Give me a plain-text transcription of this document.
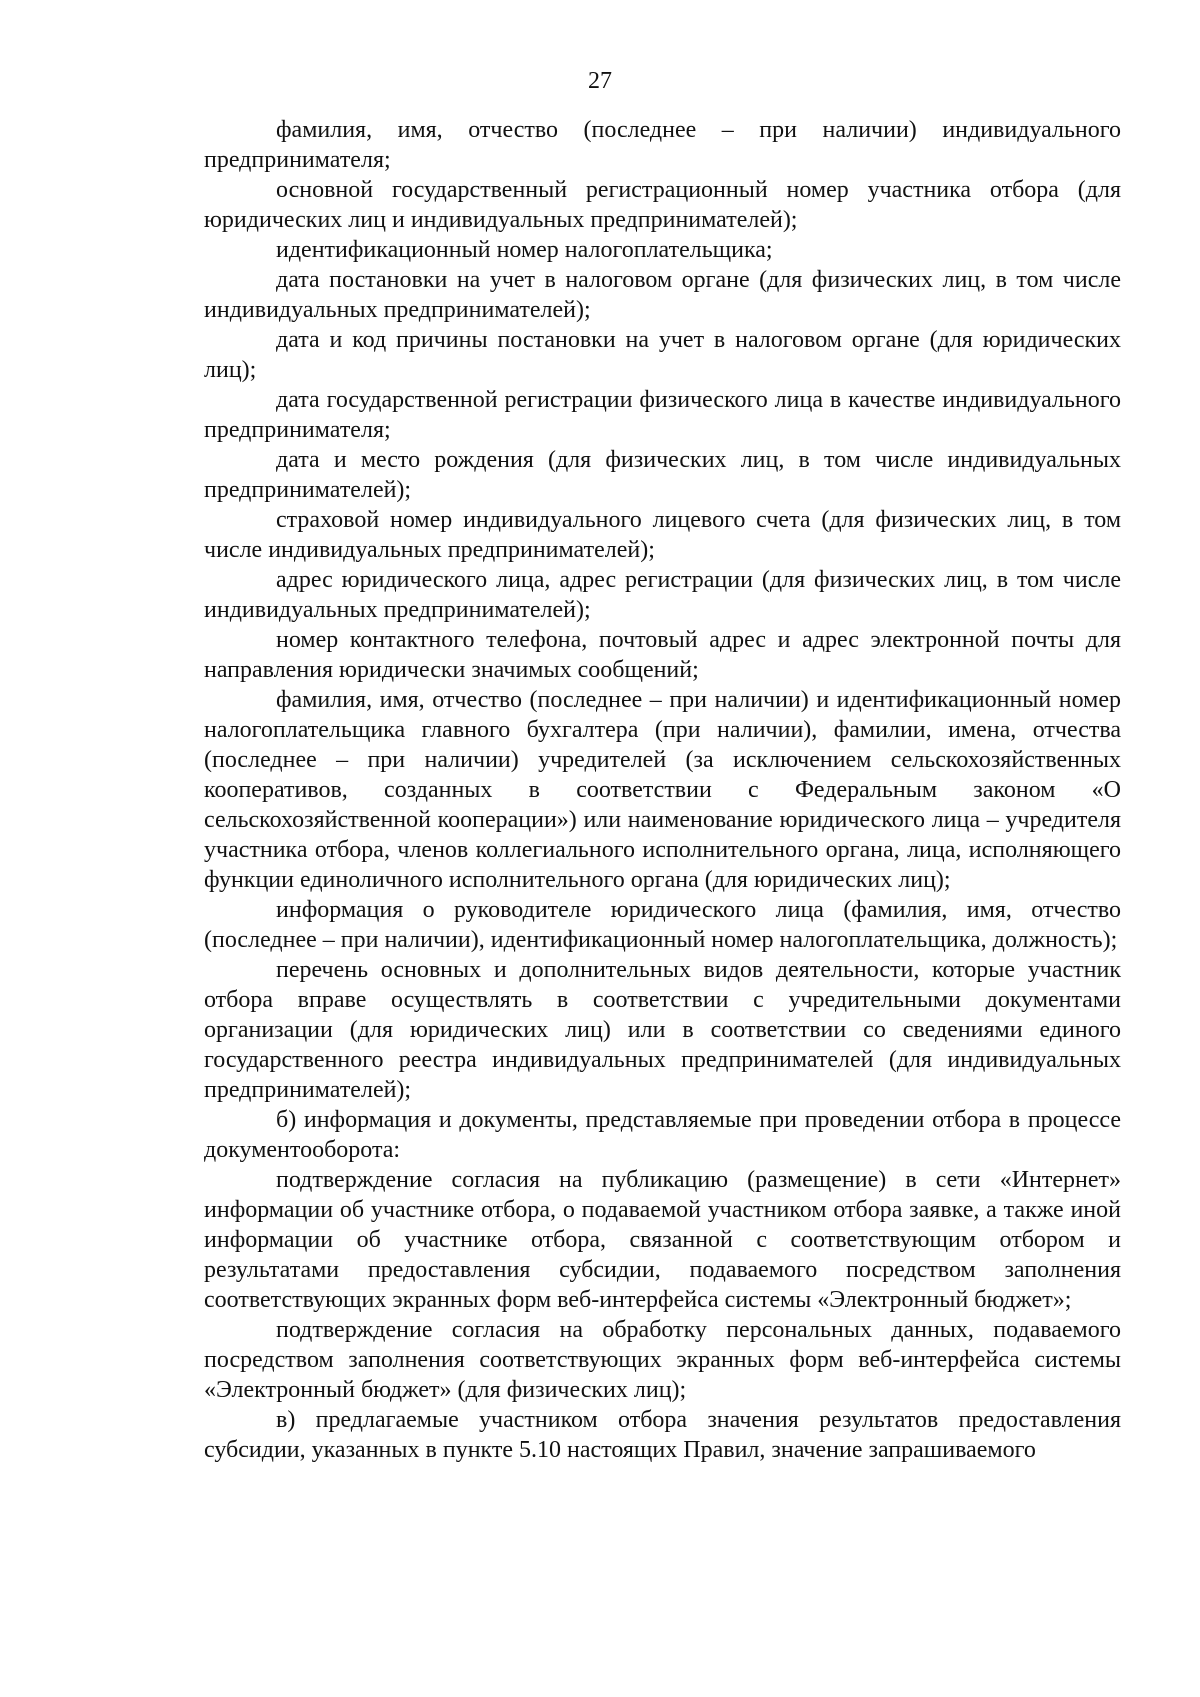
27

фамилия, имя, отчество (последнее – при наличии) индивидуального предпринимателя;

основной государственный регистрационный номер участника отбора (для юридических лиц и индивидуальных предпринимателей);

идентификационный номер налогоплательщика;

дата постановки на учет в налоговом органе (для физических лиц, в том числе индивидуальных предпринимателей);

дата и код причины постановки на учет в налоговом органе (для юридических лиц);

дата государственной регистрации физического лица в качестве индивидуального предпринимателя;

дата и место рождения (для физических лиц, в том числе индивидуальных предпринимателей);

страховой номер индивидуального лицевого счета (для физических лиц, в том числе индивидуальных предпринимателей);

адрес юридического лица, адрес регистрации (для физических лиц, в том числе индивидуальных предпринимателей);

номер контактного телефона, почтовый адрес и адрес электронной почты для направления юридически значимых сообщений;

фамилия, имя, отчество (последнее – при наличии) и идентификационный номер налогоплательщика главного бухгалтера (при наличии), фамилии, имена, отчества (последнее – при наличии) учредителей (за исключением сельскохозяйственных кооперативов, созданных в соответствии с Федеральным законом «О сельскохозяйственной кооперации») или наименование юридического лица – учредителя участника отбора, членов коллегиального исполнительного органа, лица, исполняющего функции единоличного исполнительного органа (для юридических лиц);

информация о руководителе юридического лица (фамилия, имя, отчество (последнее – при наличии), идентификационный номер налогоплательщика, должность);

перечень основных и дополнительных видов деятельности, которые участник отбора вправе осуществлять в соответствии с учредительными документами организации (для юридических лиц) или в соответствии со сведениями единого государственного реестра индивидуальных предпринимателей (для индивидуальных предпринимателей);

б) информация и документы, представляемые при проведении отбора в процессе документооборота:

подтверждение согласия на публикацию (размещение) в сети «Интернет» информации об участнике отбора, о подаваемой участником отбора заявке, а также иной информации об участнике отбора, связанной с соответствующим отбором и результатами предоставления субсидии, подаваемого посредством заполнения соответствующих экранных форм веб-интерфейса системы «Электронный бюджет»;

подтверждение согласия на обработку персональных данных, подаваемого посредством заполнения соответствующих экранных форм веб-интерфейса системы «Электронный бюджет» (для физических лиц);

в) предлагаемые участником отбора значения результатов предоставления субсидии, указанных в пункте 5.10 настоящих Правил, значение запрашиваемого
